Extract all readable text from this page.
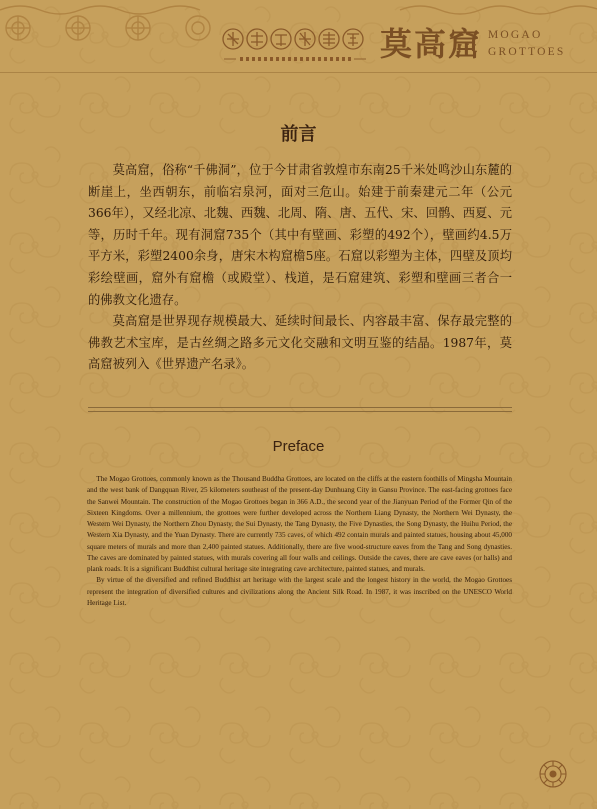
莫高窟 MOGAO
GROTTOES
前言

莫高窟，俗称“千佛洞”，位于今甘肃省敦煌市东南25千米处鸣沙山东麓的断崖上，坐西朝东，前临宕泉河，面对三危山。始建于前秦建元二年（公元366年），又经北凉、北魏、西魏、北周、隋、唐、五代、宋、回鹘、西夏、元等，历时千年。现有洞窟735个（其中有壁画、彩塑的492个），壁画约4.5万平方米，彩塑2400余身，唐宋木构窟檐5座。石窟以彩塑为主体，四壁及顶均彩绘壁画，窟外有窟檐（或殿堂）、栈道，是石窟建筑、彩塑和壁画三者合一的佛教文化遗存。

莫高窟是世界现存规模最大、延续时间最长、内容最丰富、保存最完整的佛教艺术宝库，是古丝绸之路多元文化交融和文明互鉴的结晶。1987年，莫高窟被列入《世界遗产名录》。

Preface

The Mogao Grottoes, commonly known as the Thousand Buddha Grottoes, are located on the cliffs at the eastern foothills of Mingsha Mountain and the west bank of Dangquan River, 25 kilometers southeast of the present-day Dunhuang City in Gansu Province. The east-facing grottoes face the Sanwei Mountain. The construction of the Mogao Grottoes began in 366 A.D., the second year of the Jianyuan Period of the Former Qin of the Sixteen Kingdoms. Over a millennium, the grottoes were further developed across the Northern Liang Dynasty, the Northern Wei Dynasty, the Western Wei Dynasty, the Northern Zhou Dynasty, the Sui Dynasty, the Tang Dynasty, the Five Dynasties, the Song Dynasty, the Huihu Period, the Western Xia Dynasty, and the Yuan Dynasty. There are currently 735 caves, of which 492 contain murals and painted statues, housing about 45,000 square meters of murals and more than 2,400 painted statues. Additionally, there are five wood-structure eaves from the Tang and Song dynasties. The caves are dominated by painted statues, with murals covering all four walls and ceilings. Outside the caves, there are cave eaves (or halls) and plank roads. It is a significant Buddhist cultural heritage site integrating cave architecture, painted statues, and murals.

By virtue of the diversified and refined Buddhist art heritage with the largest scale and the longest history in the world, the Mogao Grottoes represent the integration of diversified cultures and civilizations along the Ancient Silk Road. In 1987, it was inscribed on the UNESCO World Heritage List.
